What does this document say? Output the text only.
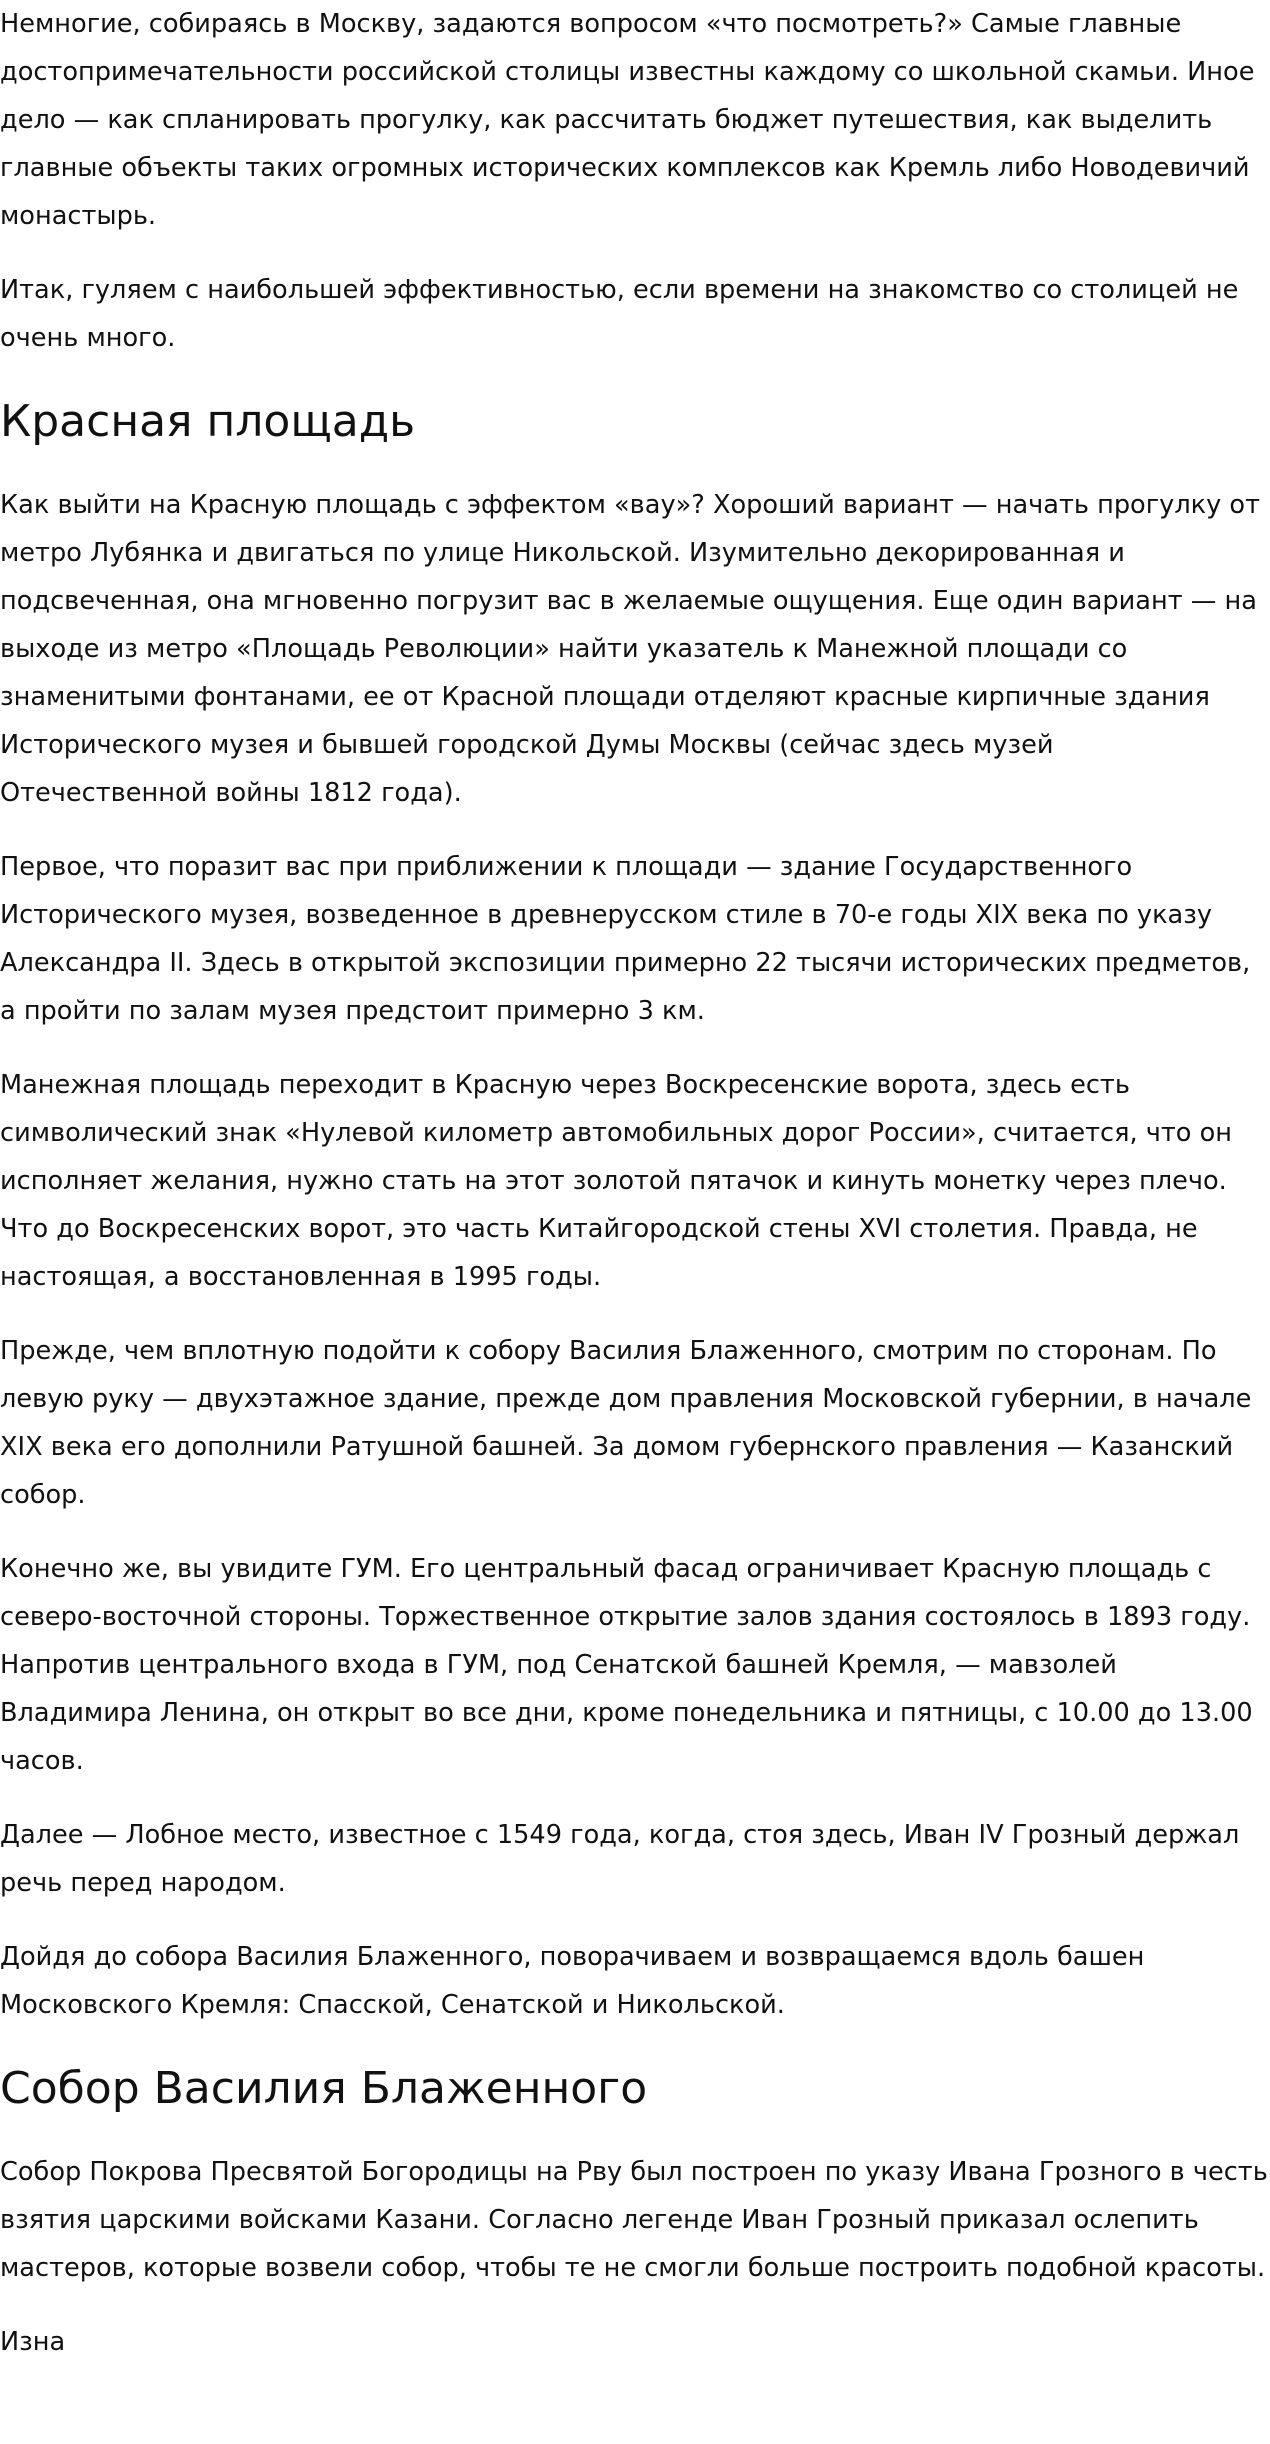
Немногие, собираясь в Москву, задаются вопросом «что посмотреть?» Самые главные достопримечательности российской столицы известны каждому со школьной скамьи. Иное дело — как спланировать прогулку, как рассчитать бюджет путешествия, как выделить главные объекты таких огромных исторических комплексов как Кремль либо Новодевичий монастырь.

Итак, гуляем с наибольшей эффективностью, если времени на знакомство со столицей не очень много.

Красная площадь

Как выйти на Красную площадь с эффектом «вау»? Хороший вариант — начать прогулку от метро Лубянка и двигаться по улице Никольской. Изумительно декорированная и подсвеченная, она мгновенно погрузит вас в желаемые ощущения. Еще один вариант — на выходе из метро «Площадь Революции» найти указатель к Манежной площади со знаменитыми фонтанами, ее от Красной площади отделяют красные кирпичные здания Исторического музея и бывшей городской Думы Москвы (сейчас здесь музей Отечественной войны 1812 года).

Первое, что поразит вас при приближении к площади — здание Государственного Исторического музея, возведенное в древнерусском стиле в 70-е годы XIX века по указу Александра II. Здесь в открытой экспозиции примерно 22 тысячи исторических предметов, а пройти по залам музея предстоит примерно 3 км.

Манежная площадь переходит в Красную через Воскресенские ворота, здесь есть символический знак «Нулевой километр автомобильных дорог России», считается, что он исполняет желания, нужно стать на этот золотой пятачок и кинуть монетку через плечо. Что до Воскресенских ворот, это часть Китайгородской стены XVI столетия. Правда, не настоящая, а восстановленная в 1995 годы.

Прежде, чем вплотную подойти к собору Василия Блаженного, смотрим по сторонам. По левую руку — двухэтажное здание, прежде дом правления Московской губернии, в начале XIX века его дополнили Ратушной башней. За домом губернского правления — Казанский собор.

Конечно же, вы увидите ГУМ. Его центральный фасад ограничивает Красную площадь с северо-восточной стороны. Торжественное открытие залов здания состоялось в 1893 году. Напротив центрального входа в ГУМ, под Сенатской башней Кремля, — мавзолей Владимира Ленина, он открыт во все дни, кроме понедельника и пятницы, с 10.00 до 13.00 часов.

Далее — Лобное место, известное с 1549 года, когда, стоя здесь, Иван IV Грозный держал речь перед народом.

Дойдя до собора Василия Блаженного, поворачиваем и возвращаемся вдоль башен Московского Кремля: Спасской, Сенатской и Никольской.

Собор Василия Блаженного

Собор Покрова Пресвятой Богородицы на Рву был построен по указу Ивана Грозного в честь взятия царскими войсками Казани. Согласно легенде Иван Грозный приказал ослепить мастеров, которые возвели собор, чтобы те не смогли больше построить подобной красоты.

Изна
